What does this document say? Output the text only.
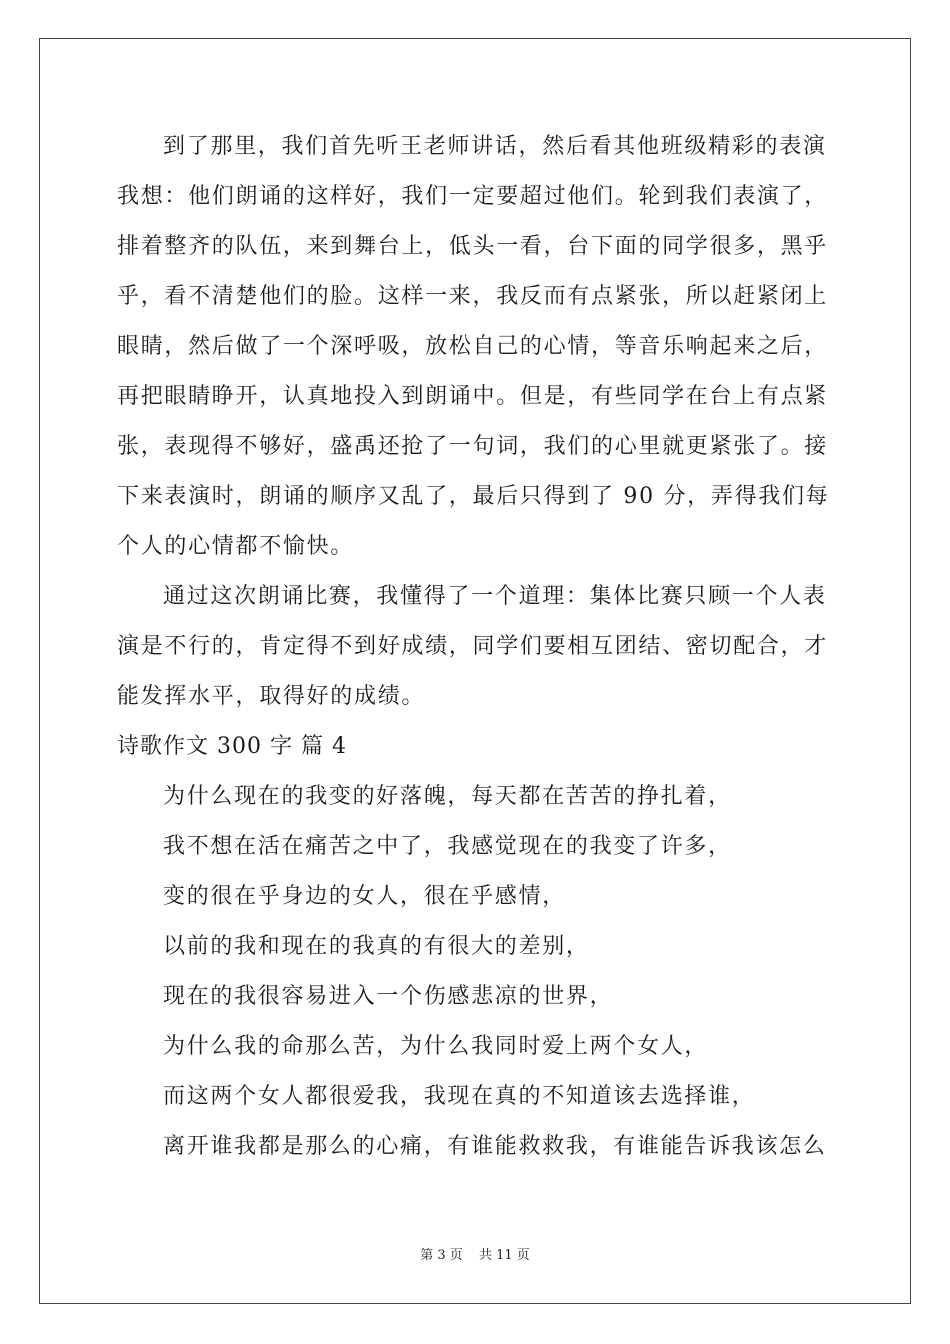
到了那里，我们首先听王老师讲话，然后看其他班级精彩的表演
我想：他们朗诵的这样好，我们一定要超过他们。轮到我们表演了，
排着整齐的队伍，来到舞台上，低头一看，台下面的同学很多，黑乎
乎，看不清楚他们的脸。这样一来，我反而有点紧张，所以赶紧闭上
眼睛，然后做了一个深呼吸，放松自己的心情，等音乐响起来之后，
再把眼睛睁开，认真地投入到朗诵中。但是，有些同学在台上有点紧
张，表现得不够好，盛禹还抢了一句词，我们的心里就更紧张了。接
下来表演时，朗诵的顺序又乱了，最后只得到了 90 分，弄得我们每
个人的心情都不愉快。
通过这次朗诵比赛，我懂得了一个道理：集体比赛只顾一个人表
演是不行的，肯定得不到好成绩，同学们要相互团结、密切配合，才
能发挥水平，取得好的成绩。
诗歌作文 300 字 篇 4
为什么现在的我变的好落魄，每天都在苦苦的挣扎着，
我不想在活在痛苦之中了，我感觉现在的我变了许多，
变的很在乎身边的女人，很在乎感情，
以前的我和现在的我真的有很大的差别，
现在的我很容易进入一个伤感悲凉的世界，
为什么我的命那么苦，为什么我同时爱上两个女人，
而这两个女人都很爱我，我现在真的不知道该去选择谁，
离开谁我都是那么的心痛，有谁能救救我，有谁能告诉我该怎么
第 3 页 共 11 页
